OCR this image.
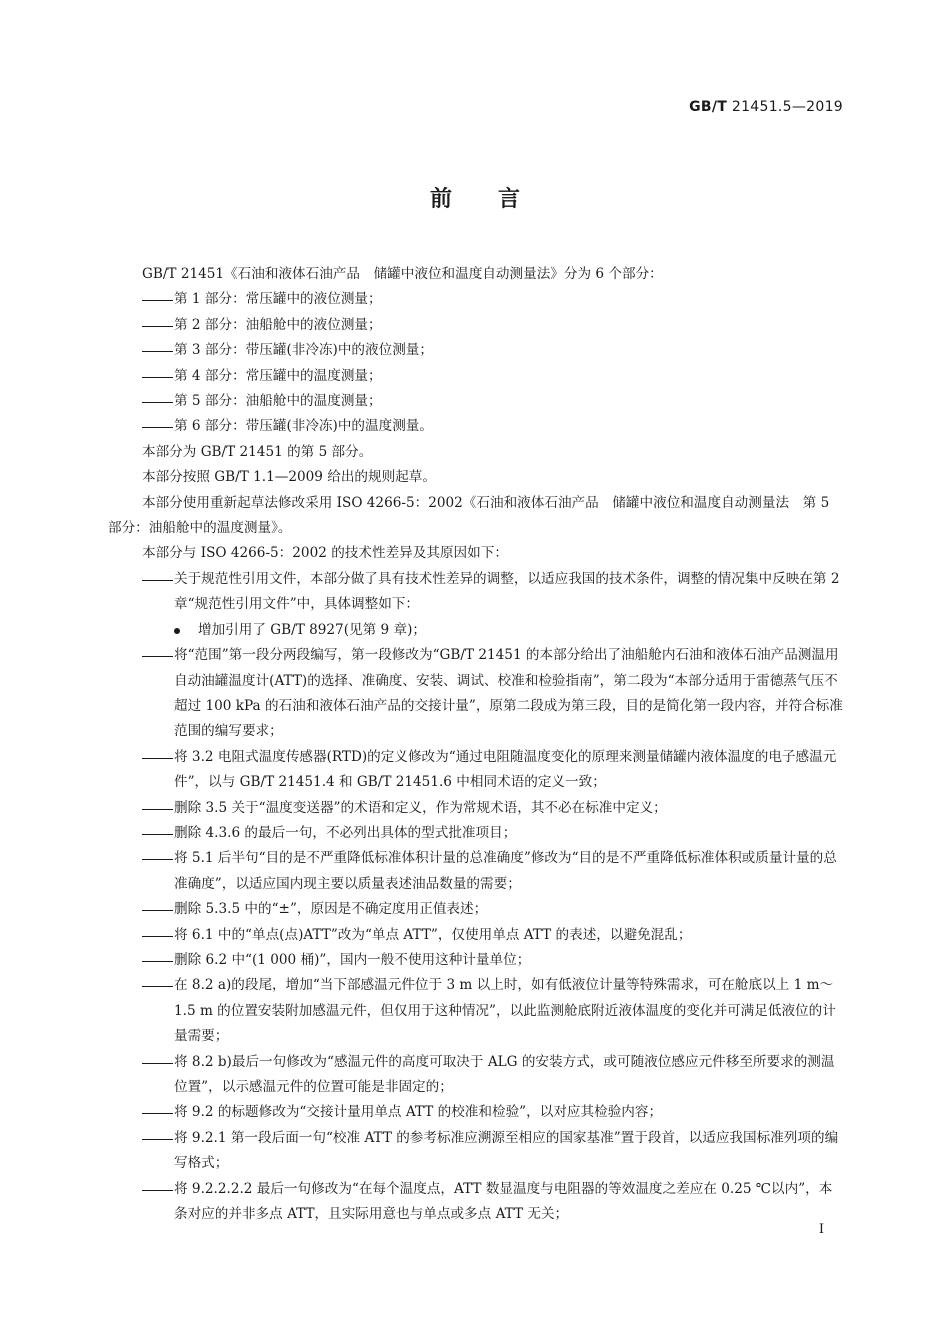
GB/T 21451.5—2019
前言

GB/T 21451《石油和液体石油产品　储罐中液位和温度自动测量法》分为 6 个部分：

第 1 部分：常压罐中的液位测量；

第 2 部分：油船舱中的液位测量；

第 3 部分：带压罐(非冷冻)中的液位测量；

第 4 部分：常压罐中的温度测量；

第 5 部分：油船舱中的温度测量；

第 6 部分：带压罐(非冷冻)中的温度测量。

本部分为 GB/T 21451 的第 5 部分。

本部分按照 GB/T 1.1—2009 给出的规则起草。

本部分使用重新起草法修改采用 ISO 4266-5：2002《石油和液体石油产品　储罐中液位和温度自动测量法　第 5 部分：油船舱中的温度测量》。

本部分与 ISO 4266-5：2002 的技术性差异及其原因如下：

关于规范性引用文件，本部分做了具有技术性差异的调整，以适应我国的技术条件，调整的情况集中反映在第 2 章“规范性引用文件”中，具体调整如下：

增加引用了 GB/T 8927(见第 9 章)；

将“范围”第一段分两段编写，第一段修改为“GB/T 21451 的本部分给出了油船舱内石油和液体石油产品测温用自动油罐温度计(ATT)的选择、准确度、安装、调试、校准和检验指南”，第二段为“本部分适用于雷德蒸气压不超过 100 kPa 的石油和液体石油产品的交接计量”，原第二段成为第三段，目的是简化第一段内容，并符合标准范围的编写要求；

将 3.2 电阻式温度传感器(RTD)的定义修改为“通过电阻随温度变化的原理来测量储罐内液体温度的电子感温元件”，以与 GB/T 21451.4 和 GB/T 21451.6 中相同术语的定义一致；

删除 3.5 关于“温度变送器”的术语和定义，作为常规术语，其不必在标准中定义；

删除 4.3.6 的最后一句，不必列出具体的型式批准项目；

将 5.1 后半句“目的是不严重降低标准体积计量的总准确度”修改为“目的是不严重降低标准体积或质量计量的总准确度”，以适应国内现主要以质量表述油品数量的需要；

删除 5.3.5 中的“±”，原因是不确定度用正值表述；

将 6.1 中的“单点(点)ATT”改为“单点 ATT”，仅使用单点 ATT 的表述，以避免混乱；

删除 6.2 中“(1 000 桶)”，国内一般不使用这种计量单位；

在 8.2 a)的段尾，增加“当下部感温元件位于 3 m 以上时，如有低液位计量等特殊需求，可在舱底以上 1 m～1.5 m 的位置安装附加感温元件，但仅用于这种情况”，以此监测舱底附近液体温度的变化并可满足低液位的计量需要；

将 8.2 b)最后一句修改为“感温元件的高度可取决于 ALG 的安装方式，或可随液位感应元件移至所要求的测温位置”，以示感温元件的位置可能是非固定的；

将 9.2 的标题修改为“交接计量用单点 ATT 的校准和检验”，以对应其检验内容；

将 9.2.1 第一段后面一句“校准 ATT 的参考标准应溯源至相应的国家基准”置于段首，以适应我国标准列项的编写格式；

将 9.2.2.2.2 最后一句修改为“在每个温度点，ATT 数显温度与电阻器的等效温度之差应在 0.25 ℃以内”，本条对应的并非多点 ATT，且实际用意也与单点或多点 ATT 无关；

I
